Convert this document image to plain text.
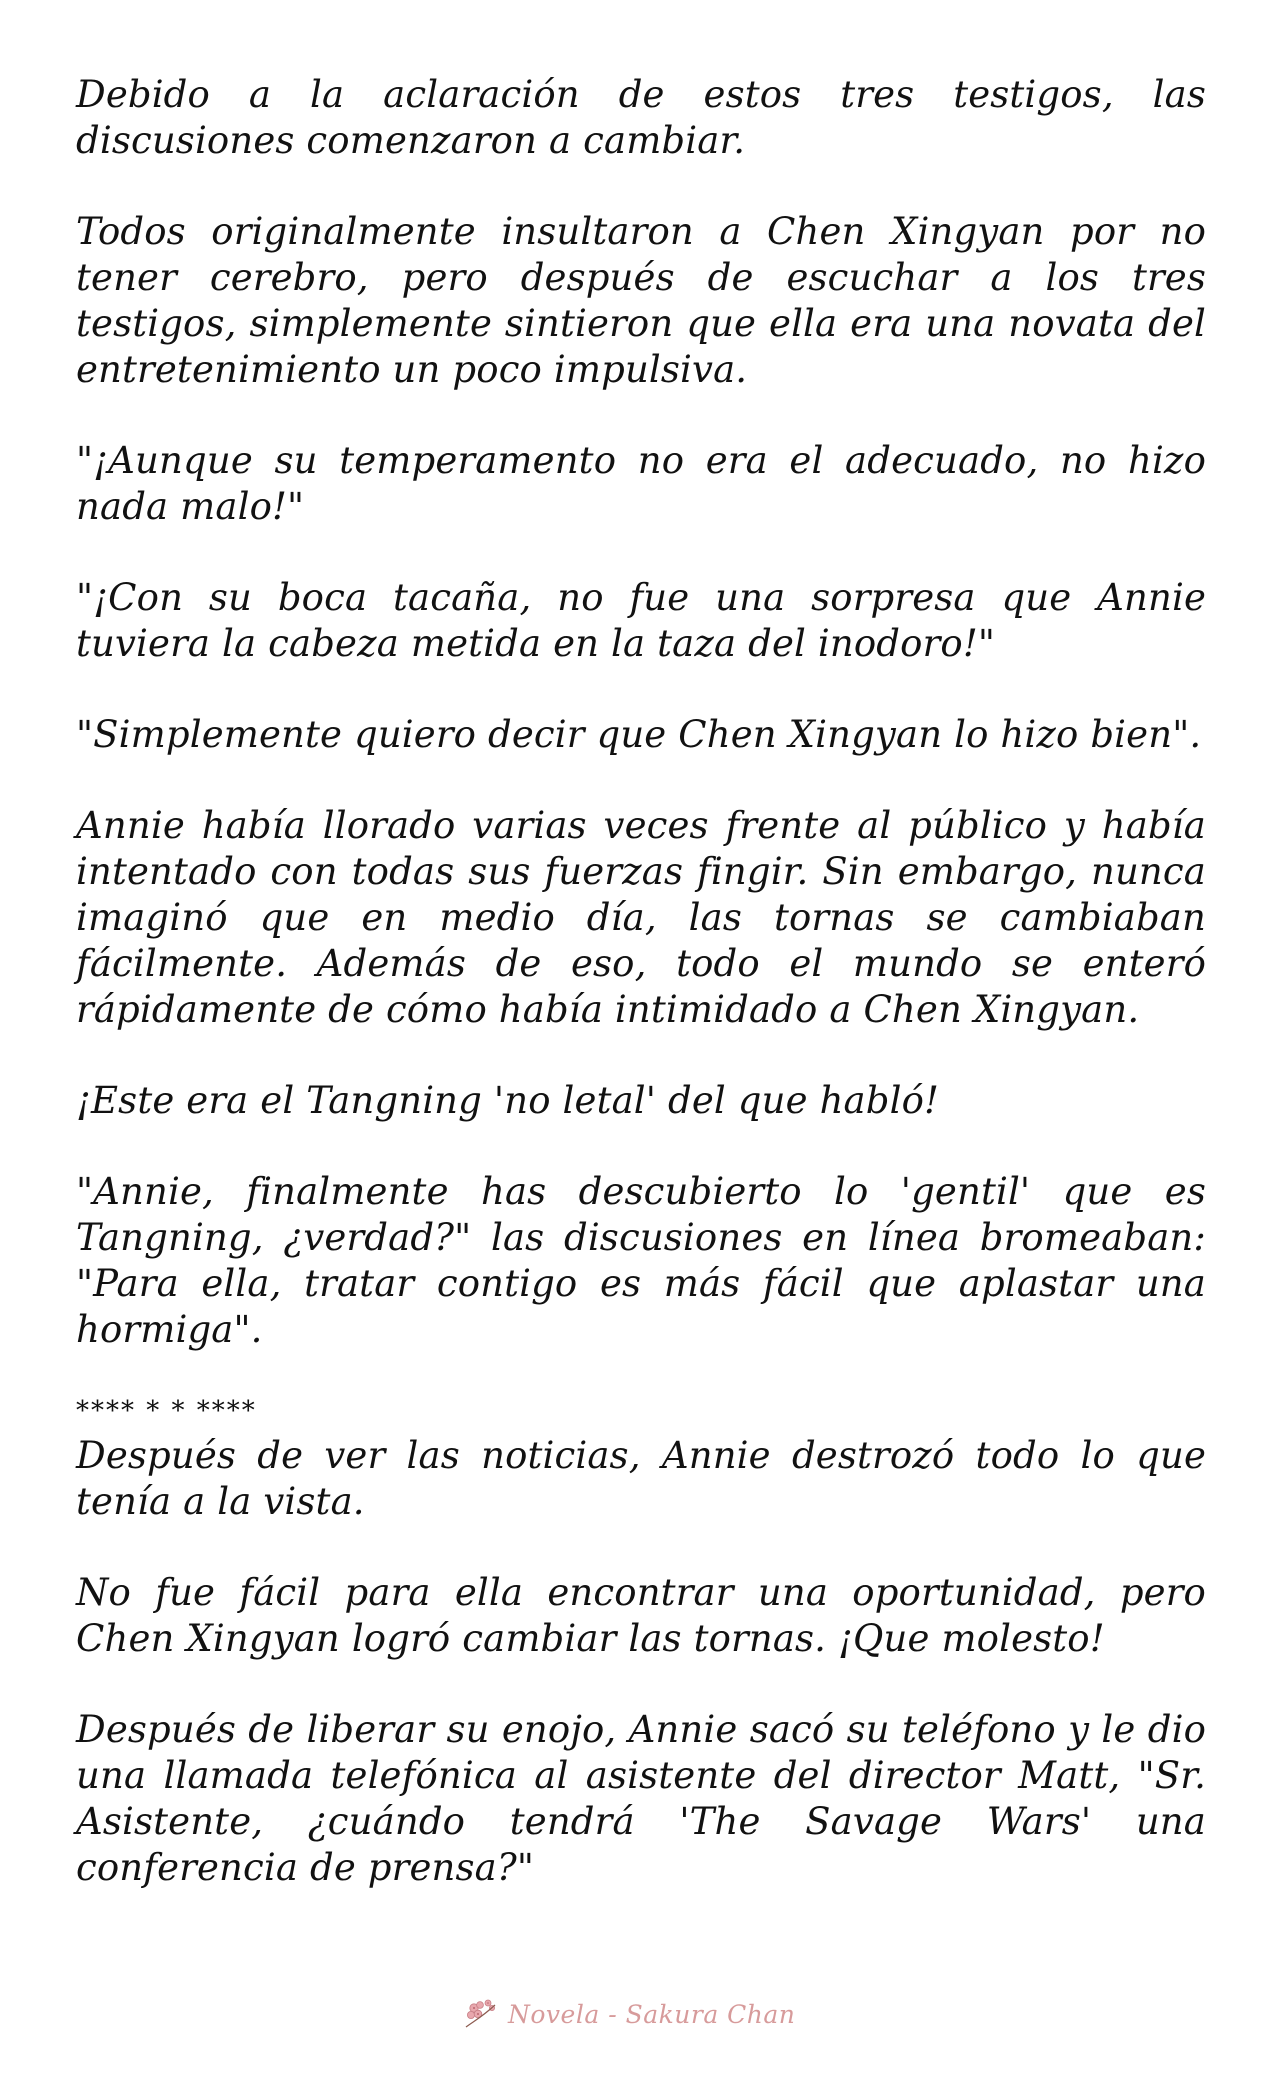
Debido a la aclaración de estos tres testigos, las discusiones comenzaron a cambiar.

Todos originalmente insultaron a Chen Xingyan por no tener cerebro, pero después de escuchar a los tres testigos, simplemente sintieron que ella era una novata del entretenimiento un poco impulsiva.

"¡Aunque su temperamento no era el adecuado, no hizo nada malo!"

"¡Con su boca tacaña, no fue una sorpresa que Annie tuviera la cabeza metida en la taza del inodoro!"

"Simplemente quiero decir que Chen Xingyan lo hizo bien".

Annie había llorado varias veces frente al público y había intentado con todas sus fuerzas fingir. Sin embargo, nunca imaginó que en medio día, las tornas se cambiaban fácilmente. Además de eso, todo el mundo se enteró rápidamente de cómo había intimidado a Chen Xingyan.

¡Este era el Tangning 'no letal' del que habló!

"Annie, finalmente has descubierto lo 'gentil' que es Tangning, ¿verdad?" las discusiones en línea bromeaban: "Para ella, tratar contigo es más fácil que aplastar una hormiga".

**** * * ****

Después de ver las noticias, Annie destrozó todo lo que tenía a la vista.

No fue fácil para ella encontrar una oportunidad, pero Chen Xingyan logró cambiar las tornas. ¡Que molesto!

Después de liberar su enojo, Annie sacó su teléfono y le dio una llamada telefónica al asistente del director Matt, "Sr. Asistente, ¿cuándo tendrá 'The Savage Wars' una conferencia de prensa?"

Novela - Sakura Chan
